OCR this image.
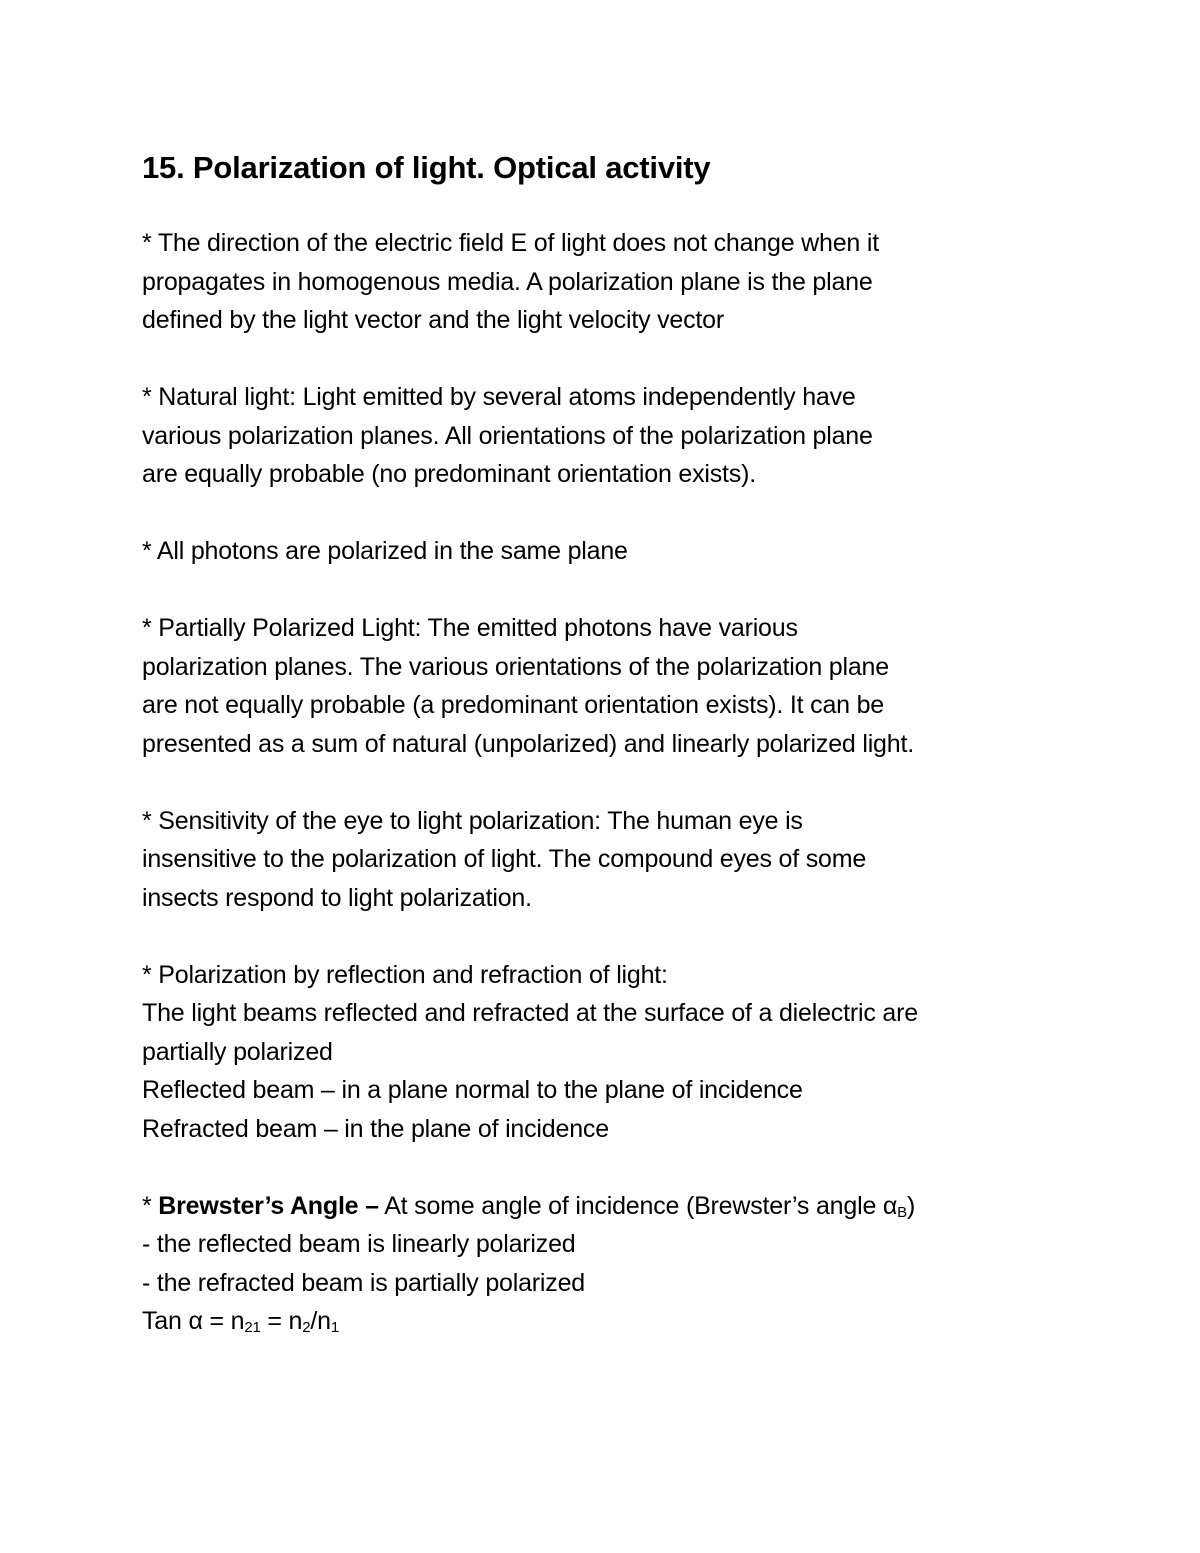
15. Polarization of light. Optical activity
* The direction of the electric field E of light does not change when it
propagates in homogenous media. A polarization plane is the plane
defined by the light vector and the light velocity vector
* Natural light: Light emitted by several atoms independently have
various polarization planes. All orientations of the polarization plane
are equally probable (no predominant orientation exists).
* All photons are polarized in the same plane
* Partially Polarized Light: The emitted photons have various
polarization planes. The various orientations of the polarization plane
are not equally probable (a predominant orientation exists). It can be
presented as a sum of natural (unpolarized) and linearly polarized light.
* Sensitivity of the eye to light polarization: The human eye is
insensitive to the polarization of light. The compound eyes of some
insects respond to light polarization.
* Polarization by reflection and refraction of light:
The light beams reflected and refracted at the surface of a dielectric are
partially polarized
Reflected beam – in a plane normal to the plane of incidence
Refracted beam – in the plane of incidence
* Brewster’s Angle – At some angle of incidence (Brewster’s angle $\alpha_B$)
- the reflected beam is linearly polarized
- the refracted beam is partially polarized
Tan $\alpha = n_{21} = n_2/n_1$
